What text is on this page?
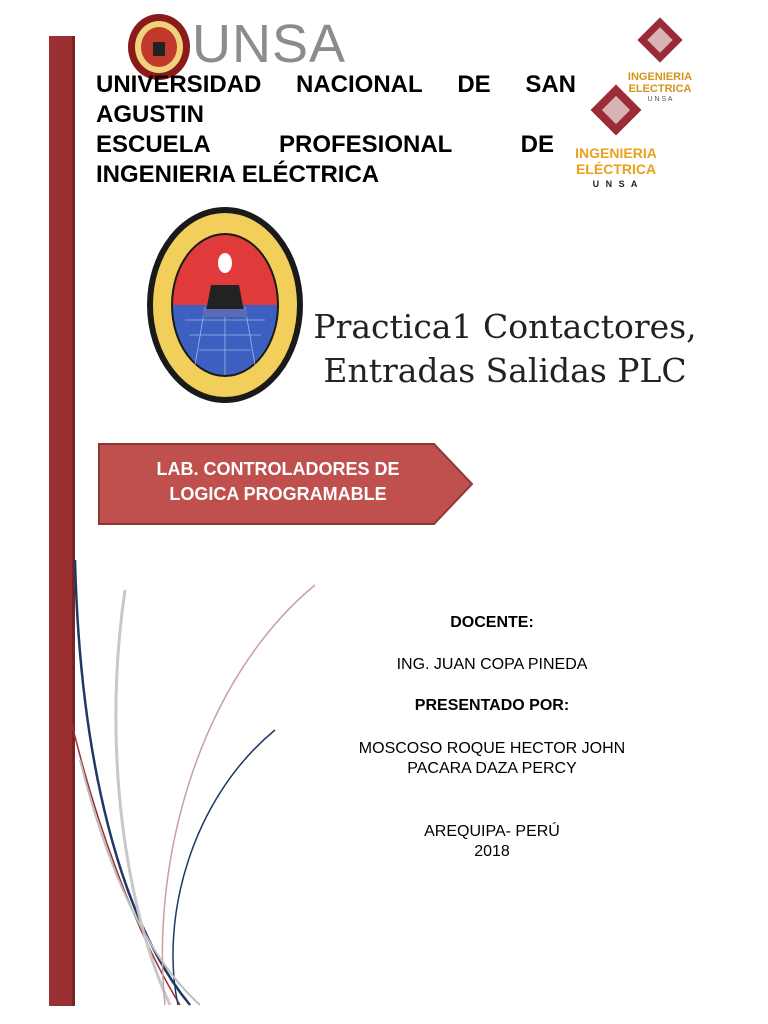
UNSA
INGENIERIA
ELECTRICA
U N S A
INGENIERIA
ELÉCTRICA
U N S A
UNIVERSIDAD NACIONAL DE SAN
AGUSTIN
ESCUELA	PROFESIONAL	DE
INGENIERIA ELÉCTRICA
Practica1 Contactores,
Entradas Salidas PLC
LAB. CONTROLADORES DE
LOGICA PROGRAMABLE
DOCENTE:
ING. JUAN COPA PINEDA
PRESENTADO POR:
MOSCOSO ROQUE HECTOR JOHN
PACARA DAZA PERCY
AREQUIPA- PERÚ
2018
